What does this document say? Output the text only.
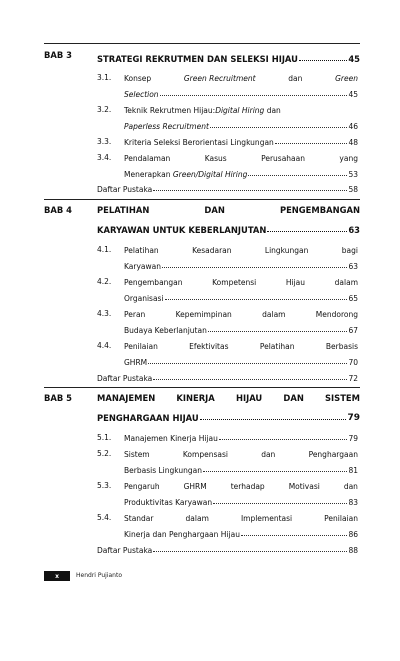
BAB 3	STRATEGI REKRUTMEN DAN SELEKSI HIJAU	45
3.1. Konsep	Green Recruitment	dan	Green
Selection	45
3.2. Teknik Rekrutmen Hijau: Digital Hiring dan
Paperless Recruitment	46
3.3. Kriteria Seleksi Berorientasi Lingkungan	48
3.4. Pendalaman	Kasus	Perusahaan	yang
Menerapkan Green/Digital Hiring	53
Daftar Pustaka	58
BAB 4	PELATIHAN	DAN	PENGEMBANGAN
KARYAWAN UNTUK KEBERLANJUTAN	63
4.1. Pelatihan	Kesadaran	Lingkungan	bagi
Karyawan	63
4.2. Pengembangan	Kompetensi	Hijau	dalam
Organisasi	65
4.3. Peran	Kepemimpinan	dalam	Mendorong
Budaya Keberlanjutan	67
4.4. Penilaian	Efektivitas	Pelatihan	Berbasis
GHRM	70
Daftar Pustaka	72
BAB 5	MANAJEMEN	KINERJA	HIJAU	DAN	SISTEM
PENGHARGAAN HIJAU	79
5.1. Manajemen Kinerja Hijau	79
5.2. Sistem	Kompensasi	dan	Penghargaan
Berbasis Lingkungan	81
5.3. Pengaruh	GHRM	terhadap	Motivasi	dan
Produktivitas Karyawan	83
5.4. Standar	dalam	Implementasi	Penilaian
Kinerja dan Penghargaan Hijau	86
Daftar Pustaka	88
x	Hendri Pujianto
